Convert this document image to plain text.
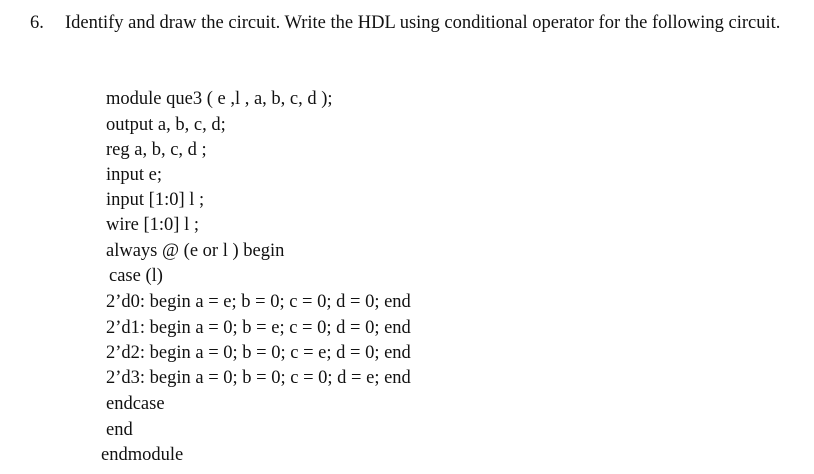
6. Identify and draw the circuit. Write the HDL using conditional operator for the following circuit.
module que3 ( e ,l , a, b, c, d );
output a, b, c, d;
reg a, b, c, d ;
input e;
input [1:0] l ;
wire [1:0] l ;
always @ (e or l ) begin
case (l)
2’d0: begin a = e; b = 0; c = 0; d = 0; end
2’d1: begin a = 0; b = e; c = 0; d = 0; end
2’d2: begin a = 0; b = 0; c = e; d = 0; end
2’d3: begin a = 0; b = 0; c = 0; d = e; end
endcase
end
endmodule
